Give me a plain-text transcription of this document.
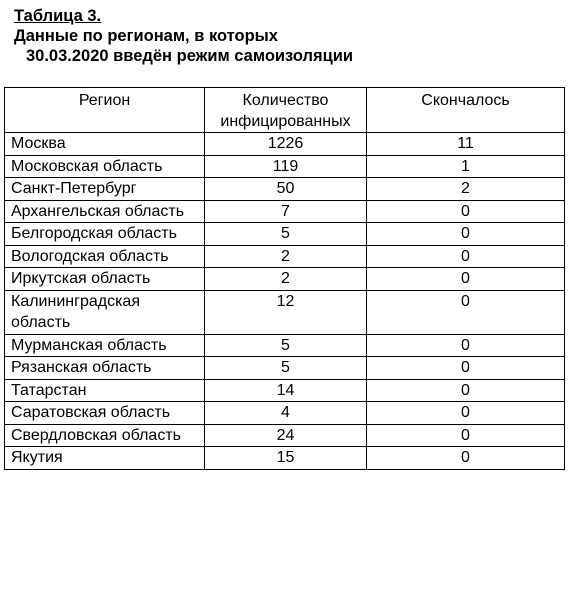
Таблица 3.
Данные по регионам, в которых
30.03.2020 введён режим самоизоляции
Регион	Количество инфицированных	Скончалось
Москва	1226	11
Московская область	119	1
Санкт-Петербург	50	2
Архангельская область	7	0
Белгородская область	5	0
Вологодская область	2	0
Иркутская область	2	0
Калининградская область	12	0
Мурманская область	5	0
Рязанская область	5	0
Татарстан	14	0
Саратовская область	4	0
Свердловская область	24	0
Якутия	15	0
